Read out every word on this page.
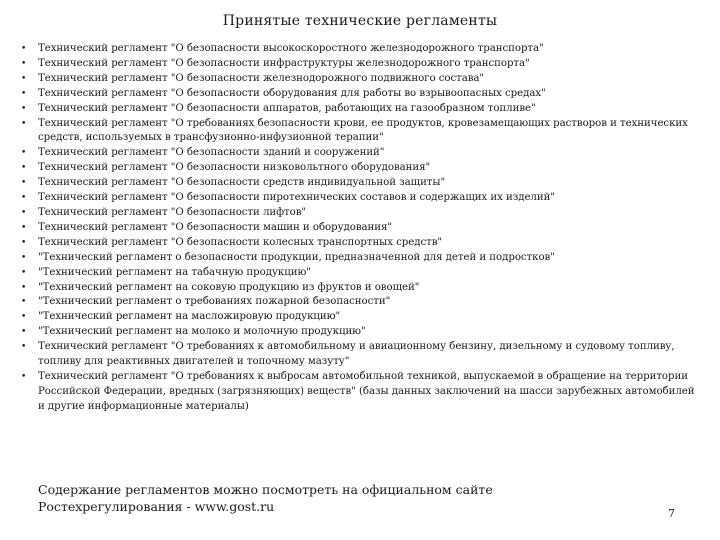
Принятые технические регламенты
• Технический регламент "О безопасности высокоскоростного железнодорожного транспорта"
• Технический регламент "О безопасности инфраструктуры железнодорожного транспорта"
• Технический регламент "О безопасности железнодорожного подвижного состава"
• Технический регламент "О безопасности оборудования для работы во взрывоопасных средах"
• Технический регламент "О безопасности аппаратов, работающих на газообразном топливе"
• Технический регламент "О требованиях безопасности крови, ее продуктов, кровезамещающих растворов и технических средств, используемых в трансфузионно-инфузионной терапии"
• Технический регламент "О безопасности зданий и сооружений"
• Технический регламент "О безопасности низковольтного оборудования"
• Технический регламент "О безопасности средств индивидуальной защиты"
• Технический регламент "О безопасности пиротехнических составов и содержащих их изделий"
• Технический регламент "О безопасности лифтов"
• Технический регламент "О безопасности машин и оборудования"
• Технический регламент "О безопасности колесных транспортных средств"
• "Технический регламент о безопасности продукции, предназначенной для детей и подростков"
• "Технический регламент на табачную продукцию"
• "Технический регламент на соковую продукцию из фруктов и овощей"
• "Технический регламент о требованиях пожарной безопасности"
• "Технический регламент на масложировую продукцию"
• "Технический регламент на молоко и молочную продукцию"
• Технический регламент "О требованиях к автомобильному и авиационному бензину, дизельному и судовому топливу, топливу для реактивных двигателей и топочному мазуту"
• Технический регламент "О требованиях к выбросам автомобильной техникой, выпускаемой в обращение на территории Российской Федерации, вредных (загрязняющих) веществ" (базы данных заключений на шасси зарубежных автомобилей и другие информационные материалы)
Содержание регламентов можно посмотреть на официальном сайте Ростехрегулирования - www.gost.ru	7
